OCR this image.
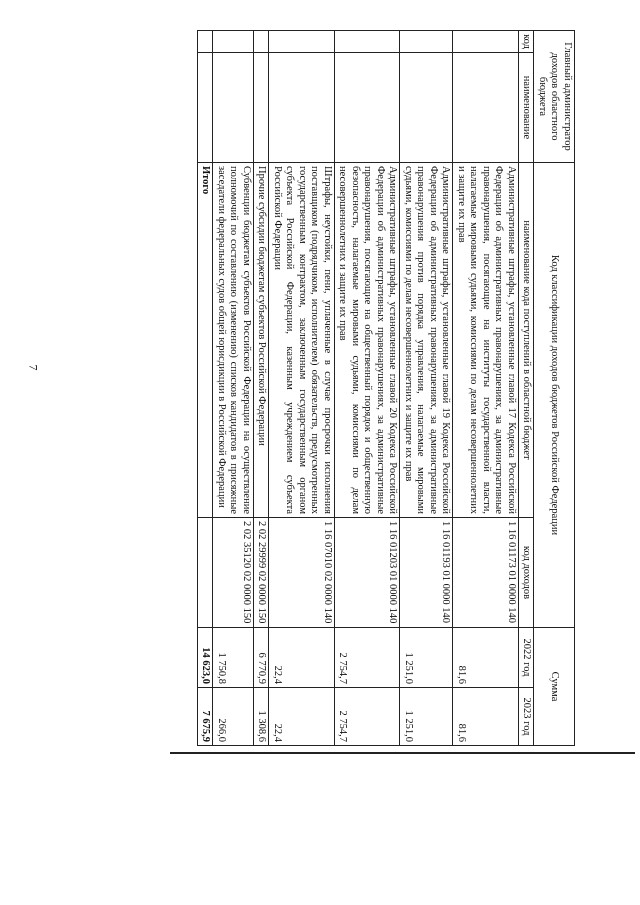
7
Главный администратор доходов областного бюджета		Код классификации доходов бюджетов Российской Федерации		Сумма	
код	наименование	наименование кода поступлений в областной бюджет	код доходов	2022 год	2023 год
		Административные штрафы, установленные главой 17 Кодекса Российской Федерации об административных правонарушениях, за административные правонарушения, посягающие на институты государственной власти, налагаемые мировыми судьями, комиссиями по делам несовершеннолетних и защите их прав	1 16 01173 01 0000 140	81,6	81,6
		Административные штрафы, установленные главой 19 Кодекса Российской Федерации об административных правонарушениях, за административные правонарушения против порядка управления, налагаемые мировыми судьями, комиссиями по делам несовершеннолетних и защите их прав	1 16 01193 01 0000 140	1 251,0	1 251,0
		Административные штрафы, установленные главой 20 Кодекса Российской Федерации об административных правонарушениях, за административные правонарушения, посягающие на общественный порядок и общественную безопасность, налагаемые мировыми судьями, комиссиями по делам несовершеннолетних и защите их прав	1 16 01203 01 0000 140	2 754,7	2 754,7
		Штрафы, неустойки, пени, уплаченные в случае просрочки исполнения поставщиком (подрядчиком, исполнителем) обязательств, предусмотренных государственным контрактом, заключенным государственным органом субъекта Российской Федерации, казенным учреждением субъекта Российской Федерации	1 16 07010 02 0000 140	22,4	22,4
		Прочие субсидии бюджетам субъектов Российской Федерации	2 02 29999 02 0000 150	6 770,9	1 308,6
		Субвенции бюджетам субъектов Российской Федерации на осуществление полномочий по составлению (изменению) списков кандидатов в присяжные заседатели федеральных судов общей юрисдикции в Российской Федерации	2 02 35120 02 0000 150	1 750,8	266,0
		Итого		14 623,0	7 675,9
